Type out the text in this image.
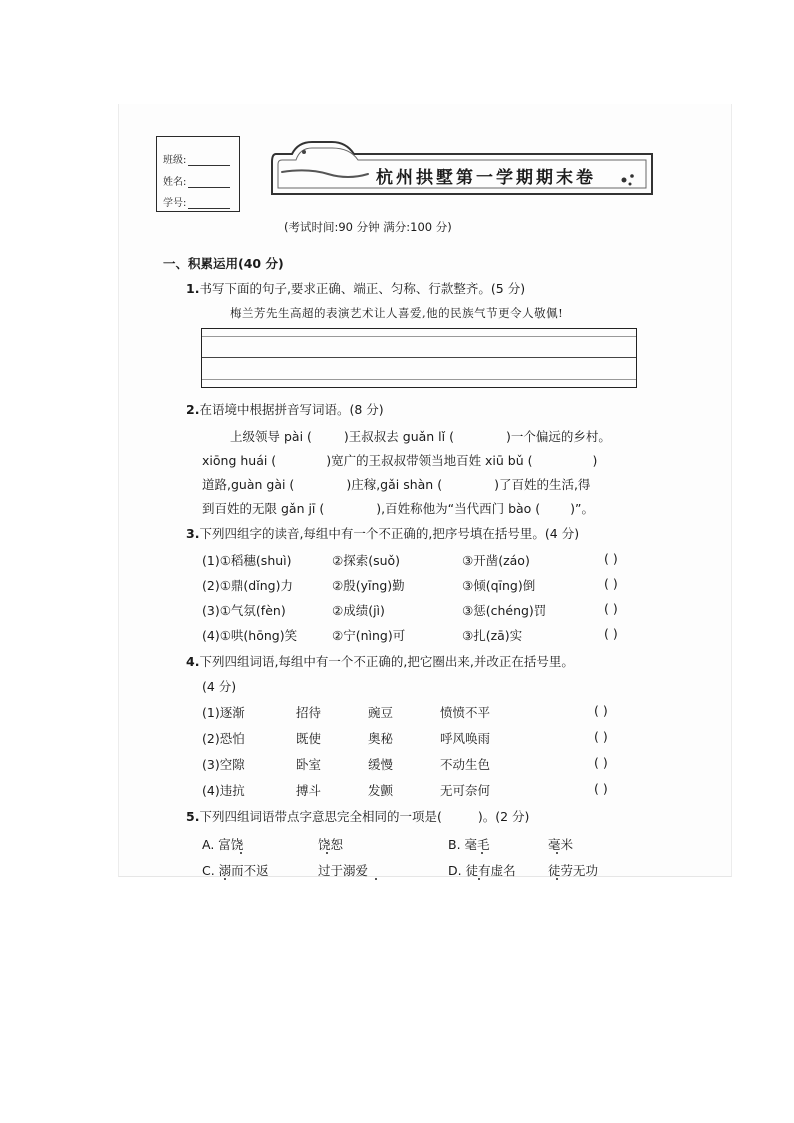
班级:
姓名:
学号:
杭州拱墅第一学期期末卷
(考试时间:90 分钟 满分:100 分)
一、积累运用(40 分)
1.书写下面的句子,要求正确、端正、匀称、行款整齐。(5 分)
梅兰芳先生高超的表演艺术让人喜爱,他的民族气节更令人敬佩!
2.在语境中根据拼音写词语。(8 分)
上级领导 pài (	)王叔叔去 guǎn lǐ (	)一个偏远的乡村。
xiōng huái (	)宽广的王叔叔带领当地百姓 xiū bǔ (	)
道路,guàn gài (	)庄稼,gǎi shàn (	)了百姓的生活,得
到百姓的无限 gǎn jī (	),百姓称他为“当代西门 bào ( )”。
3.下列四组字的读音,每组中有一个不正确的,把序号填在括号里。(4 分)
(1)①稻穗(shuì)	②探索(suǒ)	③开凿(záo)	( )
(2)①鼎(dǐng)力	②殷(yīng)勤	③倾(qīng)倒	( )
(3)①气氛(fèn)	②成绩(jì)	③惩(chéng)罚	( )
(4)①哄(hōng)笑	②宁(nìng)可	③扎(zā)实	( )
4.下列四组词语,每组中有一个不正确的,把它圈出来,并改正在括号里。
(4 分)
(1)逐渐	招待	豌豆	愤愤不平	( )
(2)恐怕	既使	奥秘	呼风唤雨	( )
(3)空隙	卧室	缓慢	不动生色	( )
(4)违抗	搏斗	发颤	无可奈何	( )
5.下列四组词语带点字意思完全相同的一项是(	)。(2 分)
A. 富饶	饶恕	B. 毫毛	毫米
C. 溺而不返	过于溺爱	D. 徒有虚名	徒劳无功
